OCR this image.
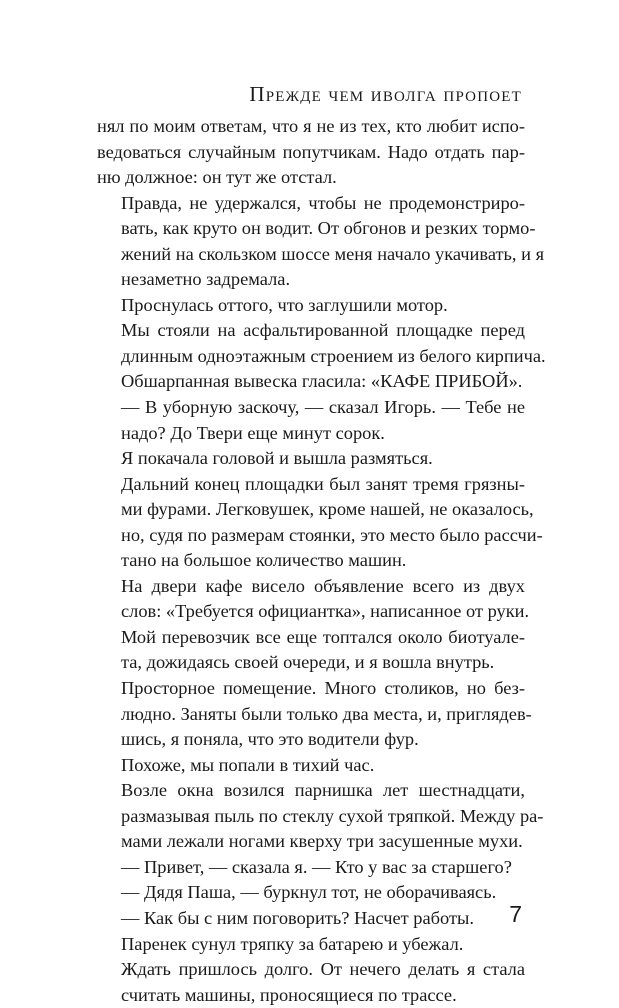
Прежде чем иволга пропоет

нял по моим ответам, что я не из тех, кто любит испо-
ведоваться случайным попутчикам. Надо отдать пар-
ню должное: он тут же отстал.

Правда, не удержался, чтобы не продемонстриро-
вать, как круто он водит. От обгонов и резких тормо-
жений на скользком шоссе меня начало укачивать, и я
незаметно задремала.

Проснулась оттого, что заглушили мотор.

Мы стояли на асфальтированной площадке перед
длинным одноэтажным строением из белого кирпича.
Обшарпанная вывеска гласила: «КАФЕ ПРИБОЙ».

— В уборную заскочу, — сказал Игорь. — Тебе не
надо? До Твери еще минут сорок.

Я покачала головой и вышла размяться.

Дальний конец площадки был занят тремя грязны-
ми фурами. Легковушек, кроме нашей, не оказалось,
но, судя по размерам стоянки, это место было рассчи-
тано на большое количество машин.

На двери кафе висело объявление всего из двух
слов: «Требуется официантка», написанное от руки.

Мой перевозчик все еще топтался около биотуале-
та, дожидаясь своей очереди, и я вошла внутрь.

Просторное помещение. Много столиков, но без-
людно. Заняты были только два места, и, приглядев-
шись, я поняла, что это водители фур.

Похоже, мы попали в тихий час.

Возле окна возился парнишка лет шестнадцати,
размазывая пыль по стеклу сухой тряпкой. Между ра-
мами лежали ногами кверху три засушенные мухи.

— Привет, — сказала я. — Кто у вас за старшего?

— Дядя Паша, — буркнул тот, не оборачиваясь.

— Как бы с ним поговорить? Насчет работы.

Паренек сунул тряпку за батарею и убежал.

Ждать пришлось долго. От нечего делать я стала
считать машины, проносящиеся по трассе.

7
